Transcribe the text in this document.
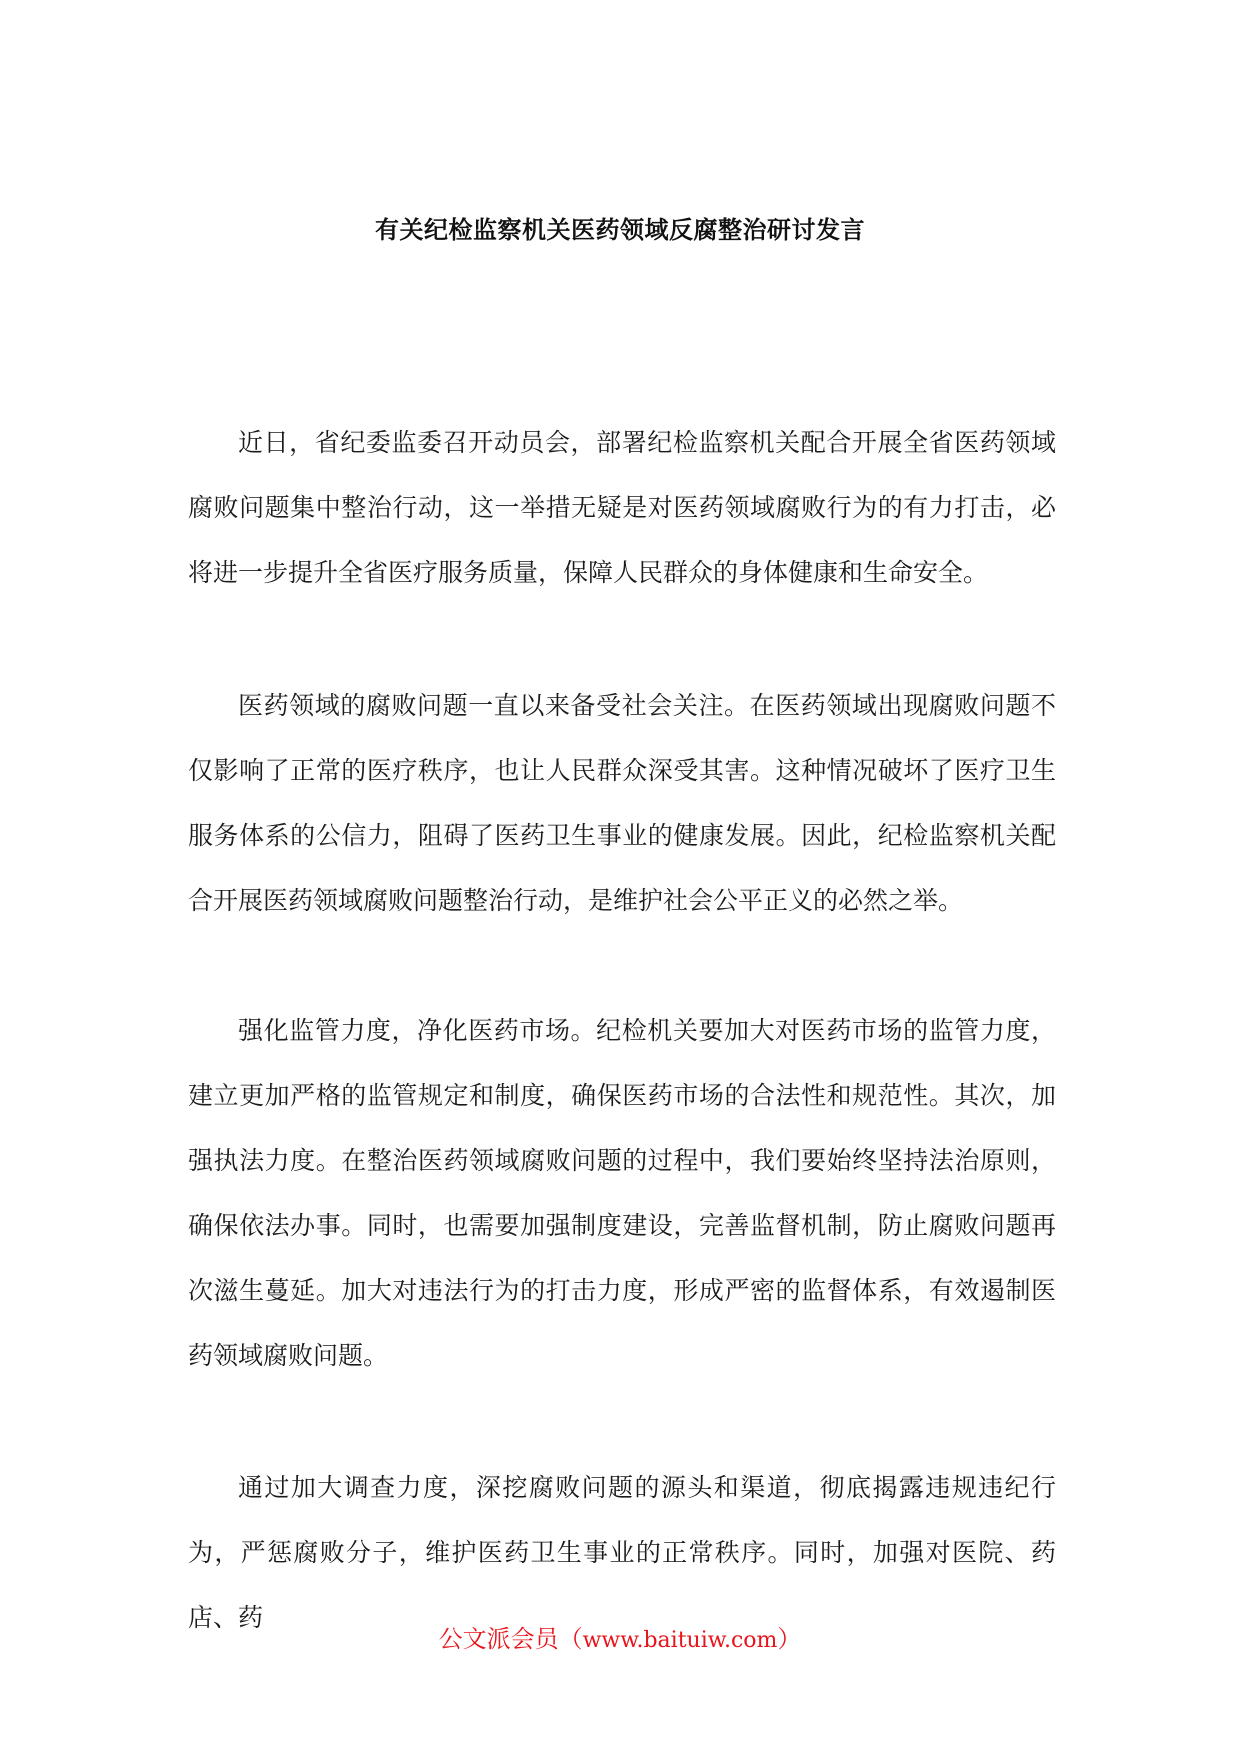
有关纪检监察机关医药领域反腐整治研讨发言

近日，省纪委监委召开动员会，部署纪检监察机关配合开展全省医药领域腐败问题集中整治行动，这一举措无疑是对医药领域腐败行为的有力打击，必将进一步提升全省医疗服务质量，保障人民群众的身体健康和生命安全。

医药领域的腐败问题一直以来备受社会关注。在医药领域出现腐败问题不仅影响了正常的医疗秩序，也让人民群众深受其害。这种情况破坏了医疗卫生服务体系的公信力，阻碍了医药卫生事业的健康发展。因此，纪检监察机关配合开展医药领域腐败问题整治行动，是维护社会公平正义的必然之举。

强化监管力度，净化医药市场。纪检机关要加大对医药市场的监管力度，建立更加严格的监管规定和制度，确保医药市场的合法性和规范性。其次，加强执法力度。在整治医药领域腐败问题的过程中，我们要始终坚持法治原则，确保依法办事。同时，也需要加强制度建设，完善监督机制，防止腐败问题再次滋生蔓延。加大对违法行为的打击力度，形成严密的监督体系，有效遏制医药领域腐败问题。

通过加大调查力度，深挖腐败问题的源头和渠道，彻底揭露违规违纪行为，严惩腐败分子，维护医药卫生事业的正常秩序。同时，加强对医院、药店、药

公文派会员（www.baituiw.com）
